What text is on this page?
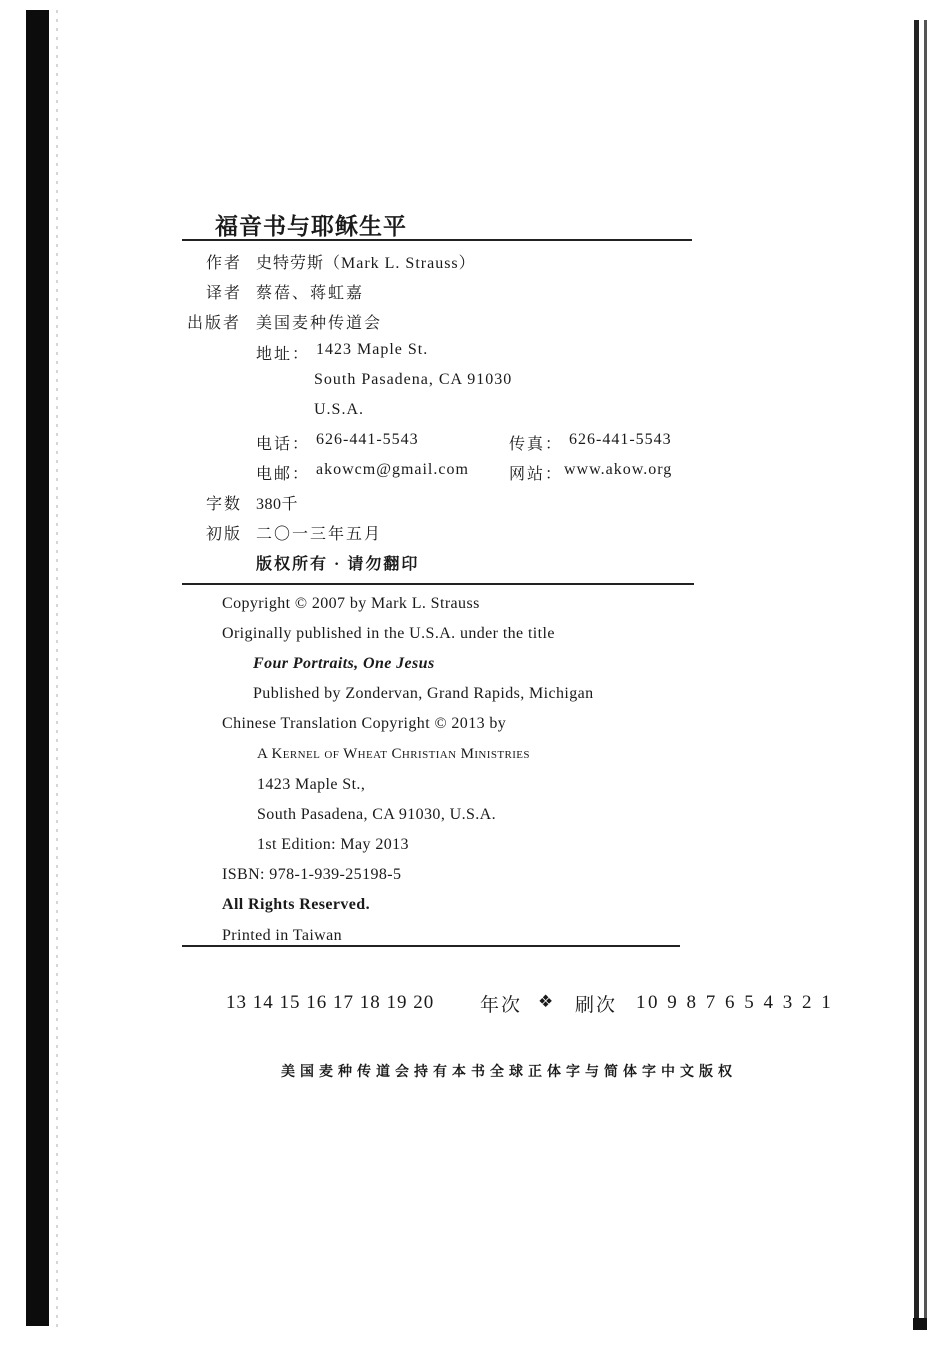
福音书与耶稣生平
作者 史特劳斯（Mark L. Strauss）
译者 蔡蓓、蒋虹嘉
出版者 美国麦种传道会
地址： 1423 Maple St.
South Pasadena, CA 91030
U.S.A.
电话： 626-441-5543	传真： 626-441-5543
电邮： akowcm@gmail.com	网站： www.akow.org
字数 380千
初版 二〇一三年五月
版权所有 · 请勿翻印
Copyright © 2007 by Mark L. Strauss
Originally published in the U.S.A. under the title
Four Portraits, One Jesus
Published by Zondervan, Grand Rapids, Michigan
Chinese Translation Copyright © 2013 by
A Kernel of Wheat Christian Ministries
1423 Maple St.,
South Pasadena, CA 91030, U.S.A.
1st Edition: May 2013
ISBN: 978-1-939-25198-5
All Rights Reserved.
Printed in Taiwan
13 14 15 16 17 18 19 20 年次 ❖ 刷次 10 9 8 7 6 5 4 3 2 1
美国麦种传道会持有本书全球正体字与简体字中文版权
